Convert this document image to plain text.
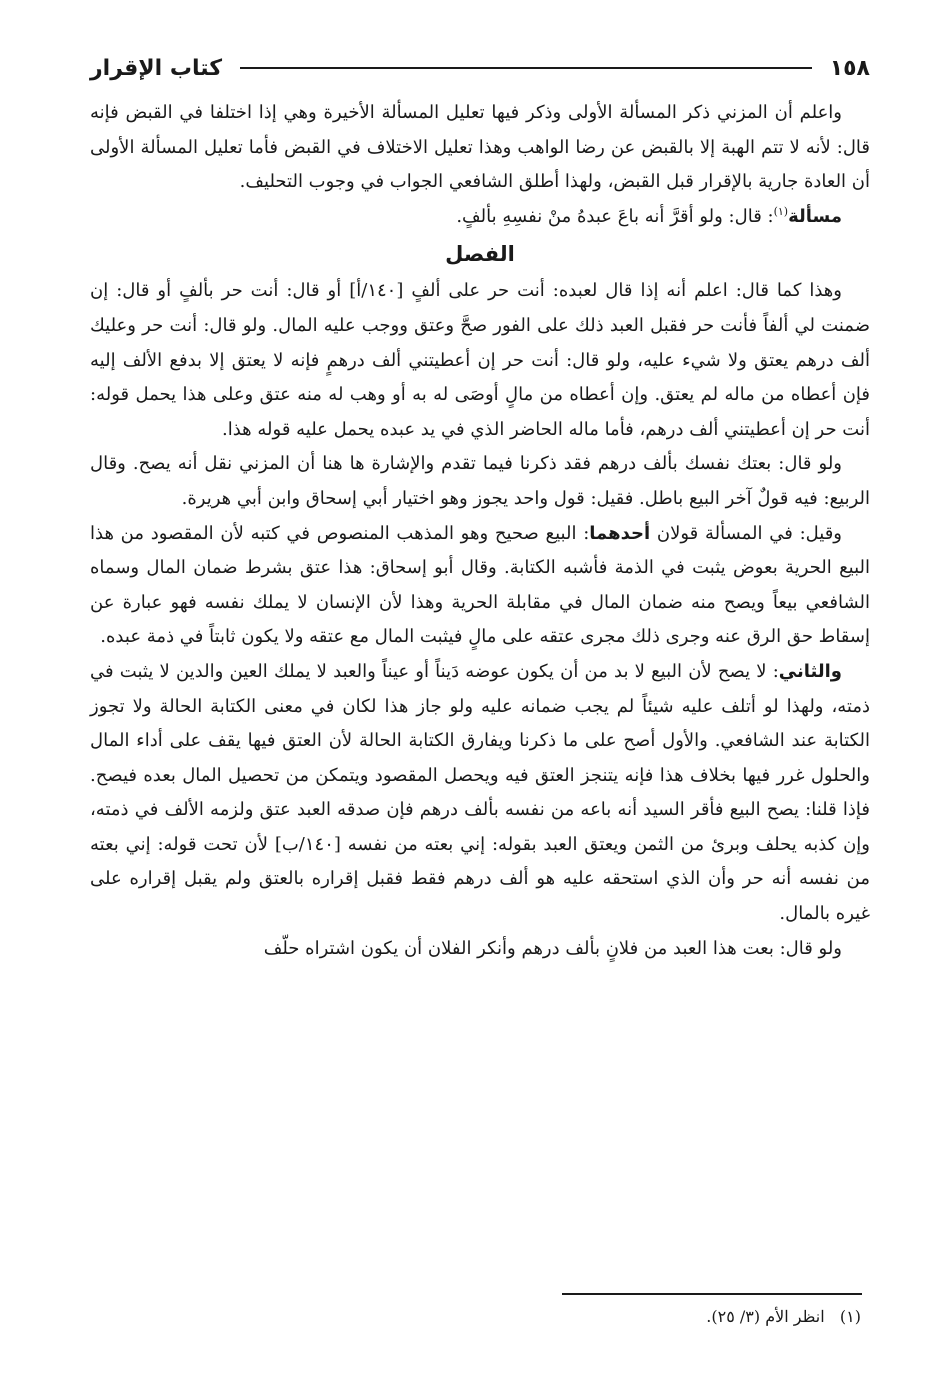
كتاب الإقرار	١٥٨

واعلم أن المزني ذكر المسألة الأولى وذكر فيها تعليل المسألة الأخيرة وهي إذا اختلفا في القبض فإنه قال: لأنه لا تتم الهبة إلا بالقبض عن رضا الواهب وهذا تعليل الاختلاف في القبض فأما تعليل المسألة الأولى أن العادة جارية بالإقرار قبل القبض، ولهذا أطلق الشافعي الجواب في وجوب التحليف.

مسألة$^{(١)}$: قال: ولو أقرَّ أنه باعَ عبدهُ منْ نفسِهِ بألفٍ.

الفصل

وهذا كما قال: اعلم أنه إذا قال لعبده: أنت حر على ألفٍ [١٤٠/أ] أو قال: أنت حر بألفٍ أو قال: إن ضمنت لي ألفاً فأنت حر فقبل العبد ذلك على الفور صحَّ وعتق ووجب عليه المال. ولو قال: أنت حر وعليك ألف درهم يعتق ولا شيء عليه، ولو قال: أنت حر إن أعطيتني ألف درهمٍ فإنه لا يعتق إلا بدفع الألف إليه فإن أعطاه من ماله لم يعتق. وإن أعطاه من مالٍ أوصَى له به أو وهب له منه عتق وعلى هذا يحمل قوله: أنت حر إن أعطيتني ألف درهم، فأما ماله الحاضر الذي في يد عبده يحمل عليه قوله هذا.

ولو قال: بعتك نفسك بألف درهم فقد ذكرنا فيما تقدم والإشارة ها هنا أن المزني نقل أنه يصح. وقال الربيع: فيه قولٌ آخر البيع باطل. فقيل: قول واحد يجوز وهو اختيار أبي إسحاق وابن أبي هريرة.

وقيل: في المسألة قولان أحدهما: البيع صحيح وهو المذهب المنصوص في كتبه لأن المقصود من هذا البيع الحرية بعوض يثبت في الذمة فأشبه الكتابة. وقال أبو إسحاق: هذا عتق بشرط ضمان المال وسماه الشافعي بيعاً ويصح منه ضمان المال في مقابلة الحرية وهذا لأن الإنسان لا يملك نفسه فهو عبارة عن إسقاط حق الرق عنه وجرى ذلك مجرى عتقه على مالٍ فيثبت المال مع عتقه ولا يكون ثابتاً في ذمة عبده.

والثاني: لا يصح لأن البيع لا بد من أن يكون عوضه دَيناً أو عيناً والعبد لا يملك العين والدين لا يثبت في ذمته، ولهذا لو أتلف عليه شيئاً لم يجب ضمانه عليه ولو جاز هذا لكان في معنى الكتابة الحالة ولا تجوز الكتابة عند الشافعي. والأول أصح على ما ذكرنا ويفارق الكتابة الحالة لأن العتق فيها يقف على أداء المال والحلول غرر فيها بخلاف هذا فإنه يتنجز العتق فيه ويحصل المقصود ويتمكن من تحصيل المال بعده فيصح. فإذا قلنا: يصح البيع فأقر السيد أنه باعه من نفسه بألف درهم فإن صدقه العبد عتق ولزمه الألف في ذمته، وإن كذبه يحلف وبرئ من الثمن ويعتق العبد بقوله: إني بعته من نفسه [١٤٠/ب] لأن تحت قوله: إني بعته من نفسه أنه حر وأن الذي استحقه عليه هو ألف درهم فقط فقبل إقراره بالعتق ولم يقبل إقراره على غيره بالمال.

ولو قال: بعت هذا العبد من فلانٍ بألف درهم وأنكر الفلان أن يكون اشتراه حلّف

(١)   انظر الأم (٣/ ٢٥).
